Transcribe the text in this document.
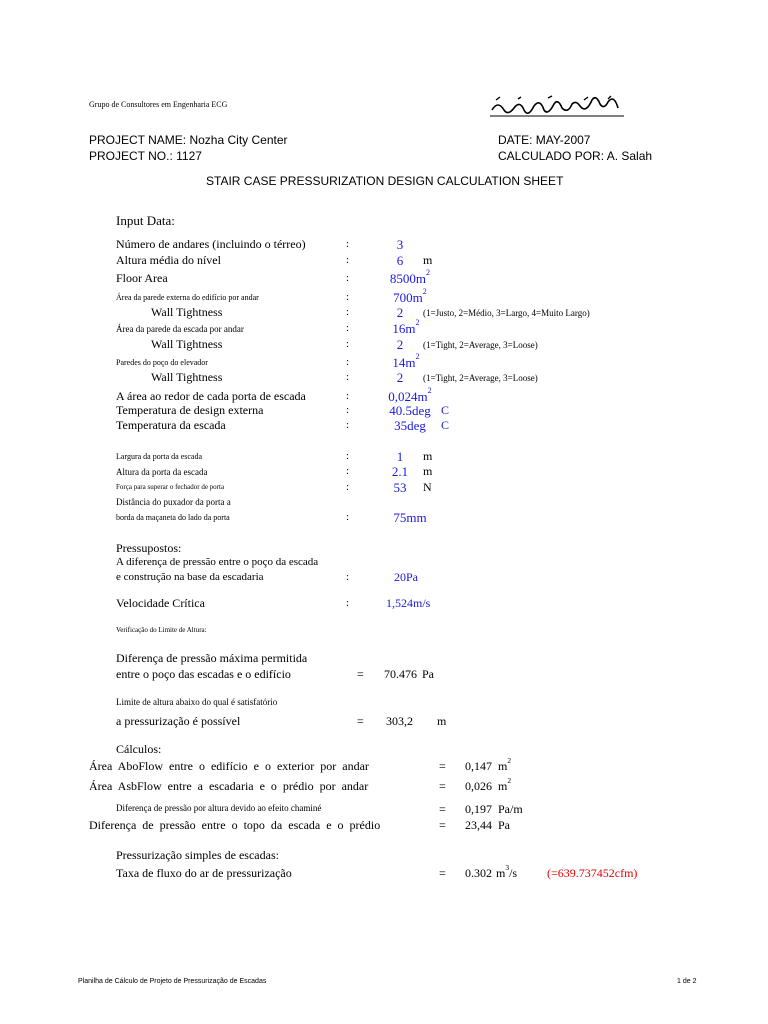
Grupo de Consultores em Engenharia ECG
PROJECT NAME: Nozha City Center
PROJECT NO.: 1127
DATE: MAY-2007
CALCULADO POR: A. Salah
STAIR CASE PRESSURIZATION DESIGN CALCULATION SHEET
Input Data:
Número de andares (incluindo o térreo)	:	3
Altura média do nível	:	6	m
Floor Area	:	$8500m^2$
Área da parede externa do edifício por andar	:	$700m^2$
Wall Tightness	:	2	(1=Justo, 2=Médio, 3=Largo, 4=Muito Largo)
Área da parede da escada por andar	:	$16m^2$
Wall Tightness	:	2	(1=Tight, 2=Average, 3=Loose)
Paredes do poço do elevador	:	$14m^2$
Wall Tightness	:	2	(1=Tight, 2=Average, 3=Loose)
A área ao redor de cada porta de escada	:	$0,024m^2$
Temperatura de design externa	:	40.5deg C
Temperatura da escada	:	35deg	C
Largura da porta da escada	:	1	m
Altura da porta da escada	:	2.1	m
Força para superar o fechador de porta	:	53	N
Distância do puxador da porta a
borda da maçaneta do lado da porta	:	75mm
Pressupostos:
A diferença de pressão entre o poço da escada
e construção na base da escadaria	:	20Pa
Velocidade Crítica	:	1,524m/s
Verificação do Limite de Altura:
Diferença de pressão máxima permitida
entre o poço das escadas e o edifício	= 70.476 Pa
Limite de altura abaixo do qual é satisfatório
a pressurização é possível	= 303,2 m
Cálculos:
Área AboFlow entre o edifício e o exterior por andar	= 0,147 $m^2$
Área AsbFlow entre a escadaria e o prédio por andar	= 0,026 $m^2$
Diferença de pressão por altura devido ao efeito chaminé	= 0,197 Pa/m
Diferença de pressão entre o topo da escada e o prédio	= 23,44 Pa
Pressurização simples de escadas:
Taxa de fluxo do ar de pressurização	= 0.302 $m^3/s$ (=639.737452cfm)
Planilha de Cálculo de Projeto de Pressurização de Escadas	1 de 2
